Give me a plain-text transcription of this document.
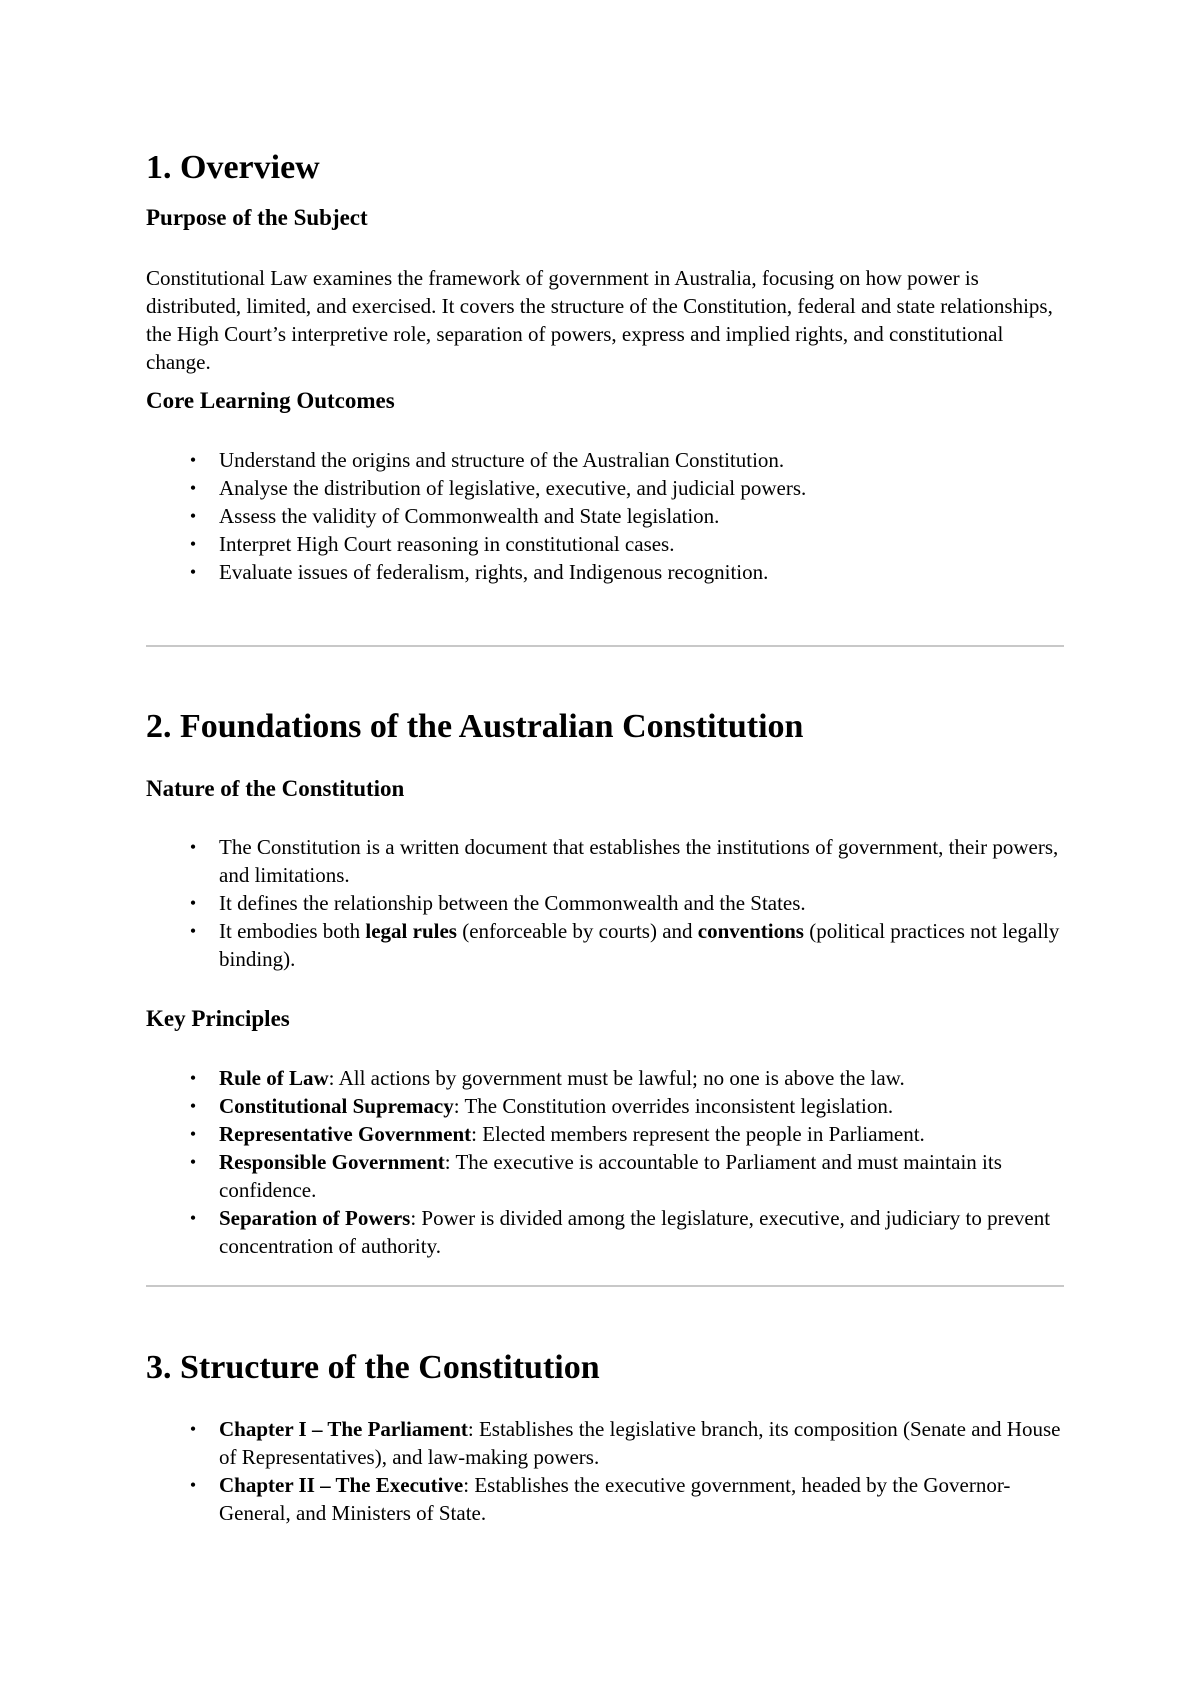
1. Overview
Purpose of the Subject

Constitutional Law examines the framework of government in Australia, focusing on how power is distributed, limited, and exercised. It covers the structure of the Constitution, federal and state relationships, the High Court’s interpretive role, separation of powers, express and implied rights, and constitutional change.

Core Learning Outcomes
• Understand the origins and structure of the Australian Constitution.
• Analyse the distribution of legislative, executive, and judicial powers.
• Assess the validity of Commonwealth and State legislation.
• Interpret High Court reasoning in constitutional cases.
• Evaluate issues of federalism, rights, and Indigenous recognition.
2. Foundations of the Australian Constitution
Nature of the Constitution
• The Constitution is a written document that establishes the institutions of government, their powers, and limitations.
• It defines the relationship between the Commonwealth and the States.
• It embodies both legal rules (enforceable by courts) and conventions (political practices not legally binding).
Key Principles
• Rule of Law: All actions by government must be lawful; no one is above the law.
• Constitutional Supremacy: The Constitution overrides inconsistent legislation.
• Representative Government: Elected members represent the people in Parliament.
• Responsible Government: The executive is accountable to Parliament and must maintain its confidence.
• Separation of Powers: Power is divided among the legislature, executive, and judiciary to prevent concentration of authority.
3. Structure of the Constitution
• Chapter I – The Parliament: Establishes the legislative branch, its composition (Senate and House of Representatives), and law-making powers.
• Chapter II – The Executive: Establishes the executive government, headed by the Governor-General, and Ministers of State.
